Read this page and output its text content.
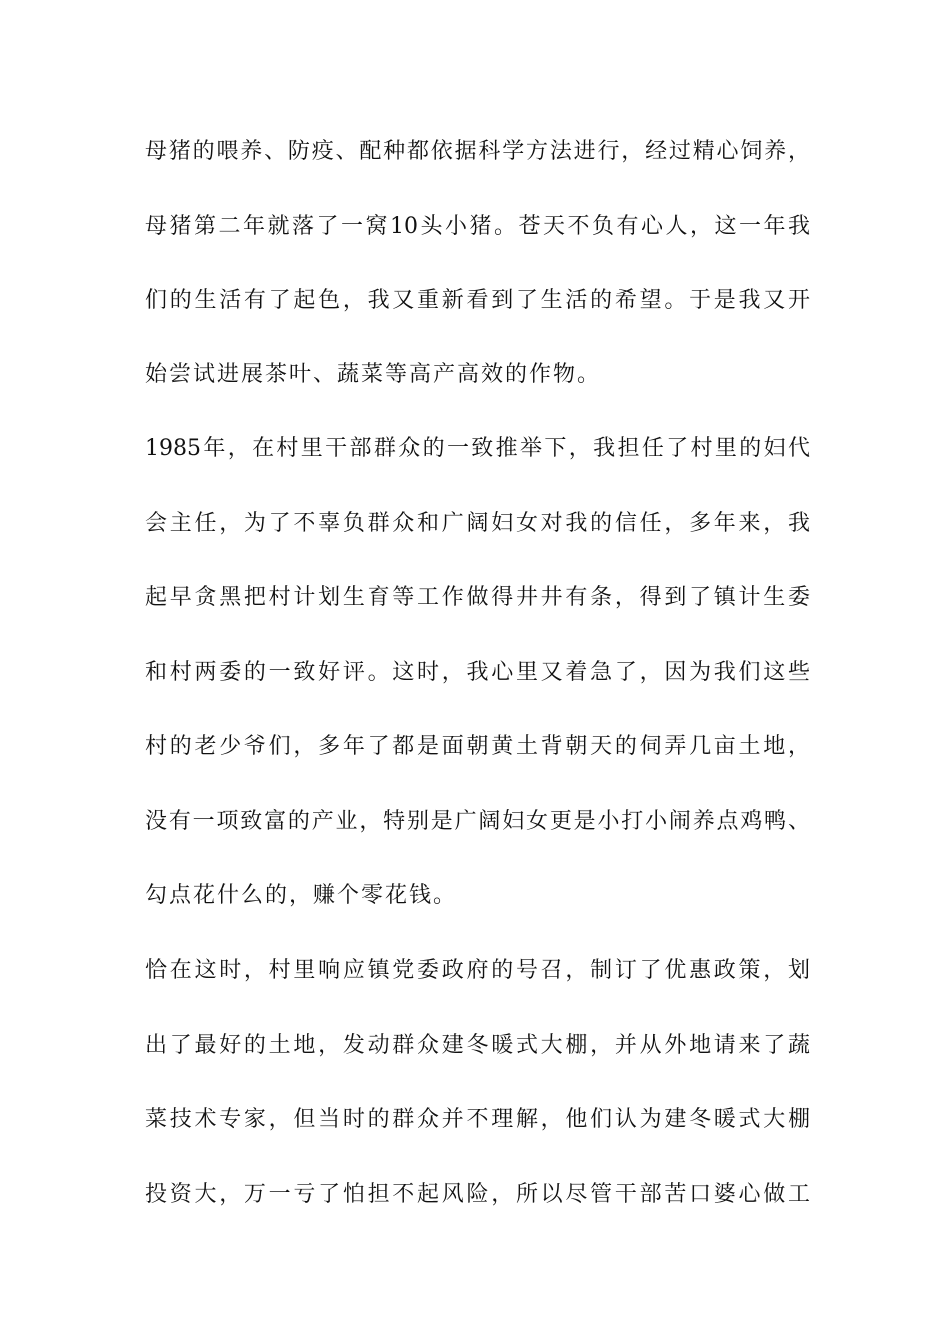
母猪的喂养、防疫、配种都依据科学方法进行，经过精心饲养，
母猪第二年就落了一窝10头小猪。苍天不负有心人，这一年我
们的生活有了起色，我又重新看到了生活的希望。于是我又开
始尝试进展茶叶、蔬菜等高产高效的作物。
1985年，在村里干部群众的一致推举下，我担任了村里的妇代
会主任，为了不辜负群众和广阔妇女对我的信任，多年来，我
起早贪黑把村计划生育等工作做得井井有条，得到了镇计生委
和村两委的一致好评。这时，我心里又着急了，因为我们这些
村的老少爷们，多年了都是面朝黄土背朝天的伺弄几亩土地，
没有一项致富的产业，特别是广阔妇女更是小打小闹养点鸡鸭、
勾点花什么的，赚个零花钱。
恰在这时，村里响应镇党委政府的号召，制订了优惠政策，划
出了最好的土地，发动群众建冬暖式大棚，并从外地请来了蔬
菜技术专家，但当时的群众并不理解，他们认为建冬暖式大棚
投资大，万一亏了怕担不起风险，所以尽管干部苦口婆心做工
